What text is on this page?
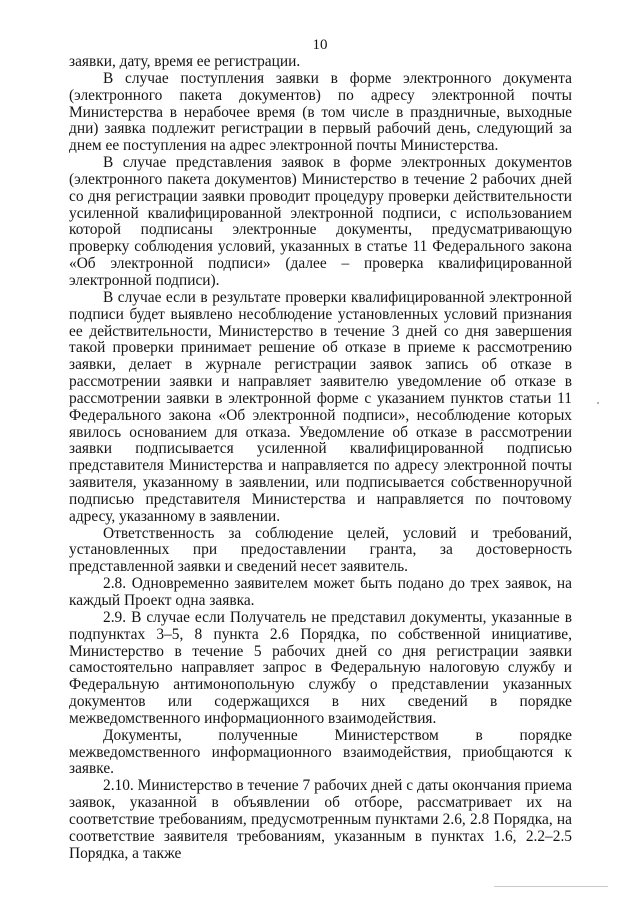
10

заявки, дату, время ее регистрации.

В случае поступления заявки в форме электронного документа (электронного пакета документов) по адресу электронной почты Министерства в нерабочее время (в том числе в праздничные, выходные дни) заявка подлежит регистрации в первый рабочий день, следующий за днем ее поступления на адрес электронной почты Министерства.

В случае представления заявок в форме электронных документов (электронного пакета документов) Министерство в течение 2 рабочих дней со дня регистрации заявки проводит процедуру проверки действительности усиленной квалифицированной электронной подписи, с использованием которой подписаны электронные документы, предусматривающую проверку соблюдения условий, указанных в статье 11 Федерального закона «Об электронной подписи» (далее – проверка квалифицированной электронной подписи).

В случае если в результате проверки квалифицированной электронной подписи будет выявлено несоблюдение установленных условий признания ее действительности, Министерство в течение 3 дней со дня завершения такой проверки принимает решение об отказе в приеме к рассмотрению заявки, делает в журнале регистрации заявок запись об отказе в рассмотрении заявки и направляет заявителю уведомление об отказе в рассмотрении заявки в электронной форме с указанием пунктов статьи 11 Федерального закона «Об электронной подписи», несоблюдение которых явилось основанием для отказа. Уведомление об отказе в рассмотрении заявки подписывается усиленной квалифицированной подписью представителя Министерства и направляется по адресу электронной почты заявителя, указанному в заявлении, или подписывается собственноручной подписью представителя Министерства и направляется по почтовому адресу, указанному в заявлении.

Ответственность за соблюдение целей, условий и требований, установленных при предоставлении гранта, за достоверность представленной заявки и сведений несет заявитель.

2.8. Одновременно заявителем может быть подано до трех заявок, на каждый Проект одна заявка.

2.9. В случае если Получатель не представил документы, указанные в подпунктах 3–5, 8 пункта 2.6 Порядка, по собственной инициативе, Министерство в течение 5 рабочих дней со дня регистрации заявки самостоятельно направляет запрос в Федеральную налоговую службу и Федеральную антимонопольную службу о представлении указанных документов или содержащихся в них сведений в порядке межведомственного информационного взаимодействия.

Документы, полученные Министерством в порядке межведомственного информационного взаимодействия, приобщаются к заявке.

2.10. Министерство в течение 7 рабочих дней с даты окончания приема заявок, указанной в объявлении об отборе, рассматривает их на соответствие требованиям, предусмотренным пунктами 2.6, 2.8 Порядка, на соответствие заявителя требованиям, указанным в пунктах 1.6, 2.2–2.5 Порядка, а также
